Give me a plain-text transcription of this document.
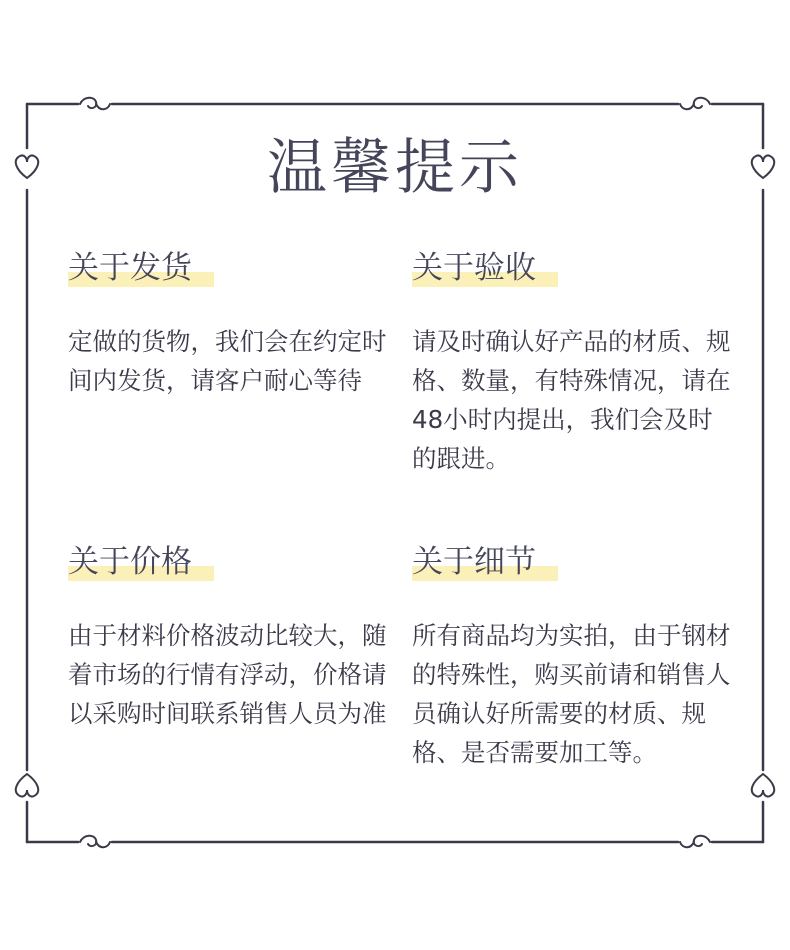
温馨提示
关于发货
定做的货物，我们会在约定时间内发货，请客户耐心等待
关于验收
请及时确认好产品的材质、规格、数量，有特殊情况，请在48小时内提出，我们会及时的跟进。
关于价格
由于材料价格波动比较大，随着市场的行情有浮动，价格请以采购时间联系销售人员为准
关于细节
所有商品均为实拍，由于钢材的特殊性，购买前请和销售人员确认好所需要的材质、规格、是否需要加工等。
